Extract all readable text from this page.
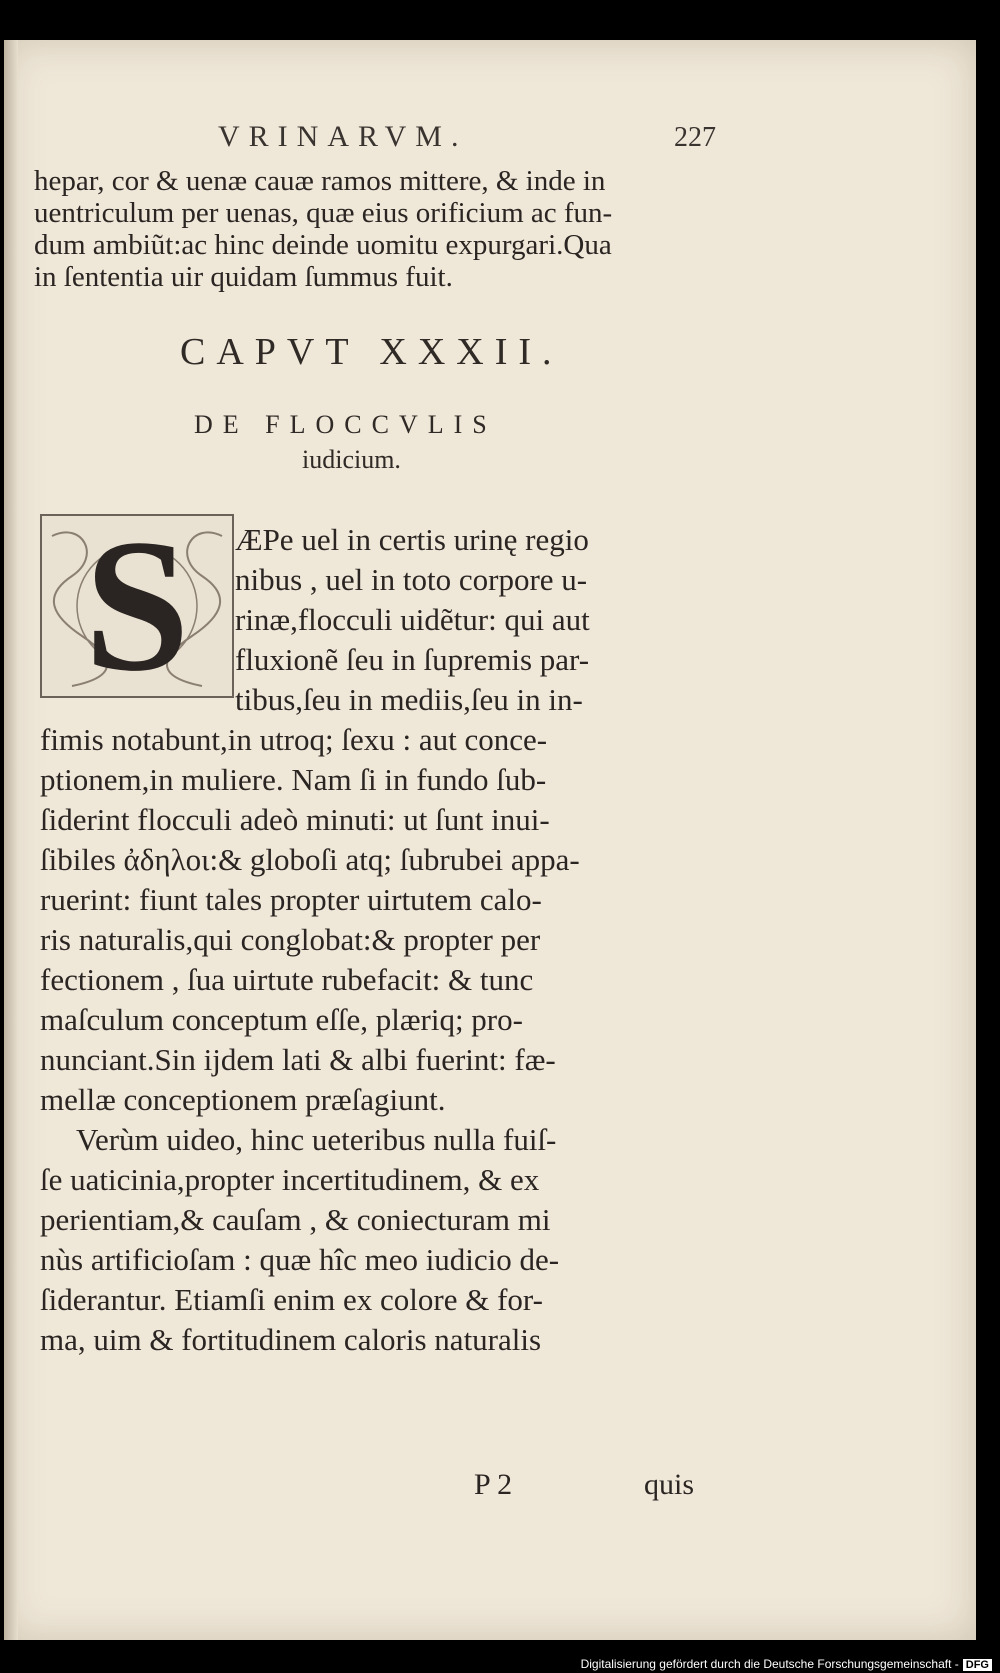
VRINARVM.	227
hepar, cor & uenæ cauæ ramos mittere, & inde in
uentriculum per uenas, quæ eius orificium ac fun-
dum ambiũt:ac hinc deinde uomitu expurgari.Qua
in ſententia uir quidam ſummus fuit.
CAPVT XXXII.
DE FLOCCVLIS
iudicium.
S	ÆPe uel in certis urinę regio
nibus , uel in toto corpore u-
rinæ,flocculi uidẽtur: qui aut
fluxionẽ ſeu in ſupremis par-
tibus,ſeu in mediis,ſeu in in-
fimis notabunt,in utroq; ſexu : aut conce-
ptionem,in muliere. Nam ſi in fundo ſub-
ſiderint flocculi adeò minuti: ut ſunt inui-
ſibiles ἀδηλοι:& globoſi atq; ſubrubei appa-
ruerint: fiunt tales propter uirtutem calo-
ris naturalis,qui conglobat:& propter per
fectionem , ſua uirtute rubefacit: & tunc
maſculum conceptum eſſe, plæriq; pro-
nunciant.Sin ijdem lati & albi fuerint: fæ-
mellæ conceptionem præſagiunt.
Verùm uideo, hinc ueteribus nulla fuiſ-
ſe uaticinia,propter incertitudinem, & ex
perientiam,& cauſam , & coniecturam mi
nùs artificioſam : quæ hîc meo iudicio de-
ſiderantur. Etiamſi enim ex colore & for-
ma, uim & fortitudinem caloris naturalis
P 2	quis
Digitalisierung gefördert durch die Deutsche Forschungsgemeinschaft - DFG
